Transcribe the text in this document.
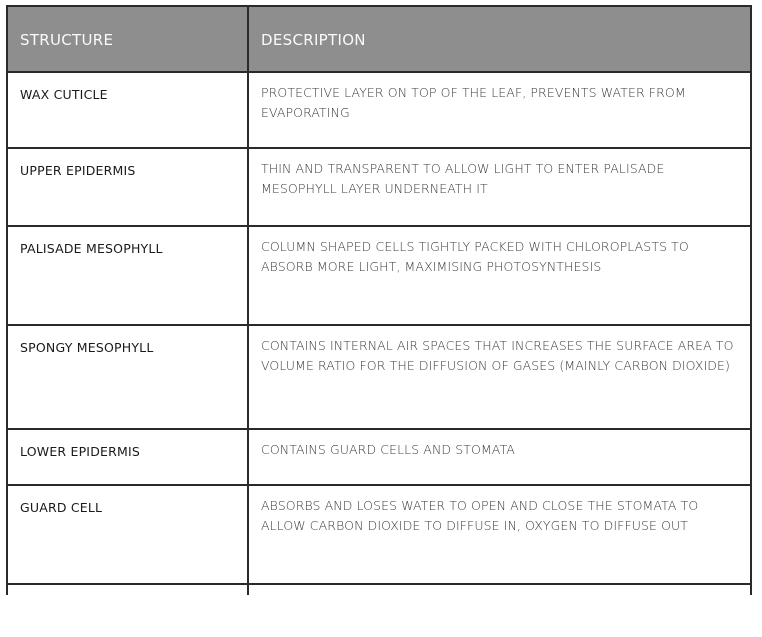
STRUCTURE	DESCRIPTION
WAX CUTICLE	PROTECTIVE LAYER ON TOP OF THE LEAF, PREVENTS WATER FROM EVAPORATING
UPPER EPIDERMIS	THIN AND TRANSPARENT TO ALLOW LIGHT TO ENTER PALISADE MESOPHYLL LAYER UNDERNEATH IT
PALISADE MESOPHYLL	COLUMN SHAPED CELLS TIGHTLY PACKED WITH CHLOROPLASTS TO ABSORB MORE LIGHT, MAXIMISING PHOTOSYNTHESIS
SPONGY MESOPHYLL	CONTAINS INTERNAL AIR SPACES THAT INCREASES THE SURFACE AREA TO VOLUME RATIO FOR THE DIFFUSION OF GASES (MAINLY CARBON DIOXIDE)
LOWER EPIDERMIS	CONTAINS GUARD CELLS AND STOMATA
GUARD CELL	ABSORBS AND LOSES WATER TO OPEN AND CLOSE THE STOMATA TO ALLOW CARBON DIOXIDE TO DIFFUSE IN, OXYGEN TO DIFFUSE OUT
